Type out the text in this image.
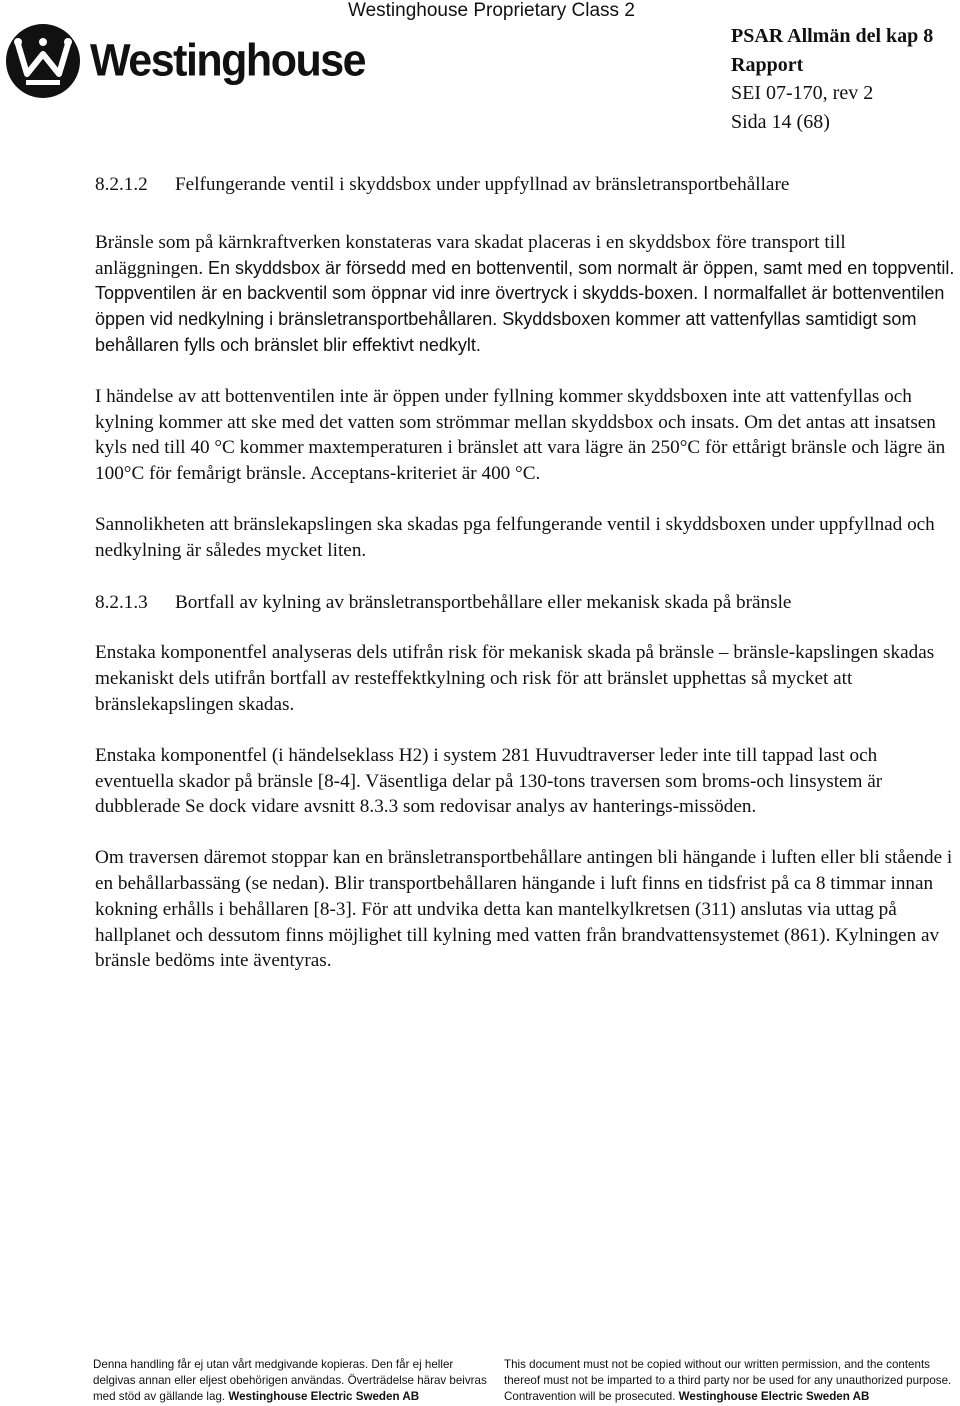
Westinghouse Proprietary Class 2
Westinghouse	PSAR Allmän del kap 8
Rapport
SEI 07-170, rev 2
Sida 14 (68)
8.2.1.2	Felfungerande ventil i skyddsbox under uppfyllnad av bränsletransportbehållare

Bränsle som på kärnkraftverken konstateras vara skadat placeras i en skyddsbox före transport till anläggningen. En skyddsbox är försedd med en bottenventil, som normalt är öppen, samt med en toppventil. Toppventilen är en backventil som öppnar vid inre övertryck i skydds-boxen. I normalfallet är bottenventilen öppen vid nedkylning i bränsletransportbehållaren. Skyddsboxen kommer att vattenfyllas samtidigt som behållaren fylls och bränslet blir effektivt nedkylt.

I händelse av att bottenventilen inte är öppen under fyllning kommer skyddsboxen inte att vattenfyllas och kylning kommer att ske med det vatten som strömmar mellan skyddsbox och insats. Om det antas att insatsen kyls ned till 40 °C kommer maxtemperaturen i bränslet att vara lägre än 250°C för ettårigt bränsle och lägre än 100°C för femårigt bränsle. Acceptans-kriteriet är 400 °C.

Sannolikheten att bränslekapslingen ska skadas pga felfungerande ventil i skyddsboxen under uppfyllnad och nedkylning är således mycket liten.

8.2.1.3	Bortfall av kylning av bränsletransportbehållare eller mekanisk skada på bränsle

Enstaka komponentfel analyseras dels utifrån risk för mekanisk skada på bränsle – bränsle-kapslingen skadas mekaniskt dels utifrån bortfall av resteffektkylning och risk för att bränslet upphettas så mycket att bränslekapslingen skadas.

Enstaka komponentfel (i händelseklass H2) i system 281 Huvudtraverser leder inte till tappad last och eventuella skador på bränsle [8-4]. Väsentliga delar på 130-tons traversen som broms-och linsystem är dubblerade Se dock vidare avsnitt 8.3.3 som redovisar analys av hanterings-missöden.

Om traversen däremot stoppar kan en bränsletransportbehållare antingen bli hängande i luften eller bli stående i en behållarbassäng (se nedan). Blir transportbehållaren hängande i luft finns en tidsfrist på ca 8 timmar innan kokning erhålls i behållaren [8-3]. För att undvika detta kan mantelkylkretsen (311) anslutas via uttag på hallplanet och dessutom finns möjlighet till kylning med vatten från brandvattensystemet (861). Kylningen av bränsle bedöms inte äventyras.

Denna handling får ej utan vårt medgivande kopieras. Den får ej heller delgivas annan eller eljest obehörigen användas. Överträdelse härav beivras med stöd av gällande lag. Westinghouse Electric Sweden AB
This document must not be copied without our written permission, and the contents thereof must not be imparted to a third party nor be used for any unauthorized purpose. Contravention will be prosecuted. Westinghouse Electric Sweden AB
